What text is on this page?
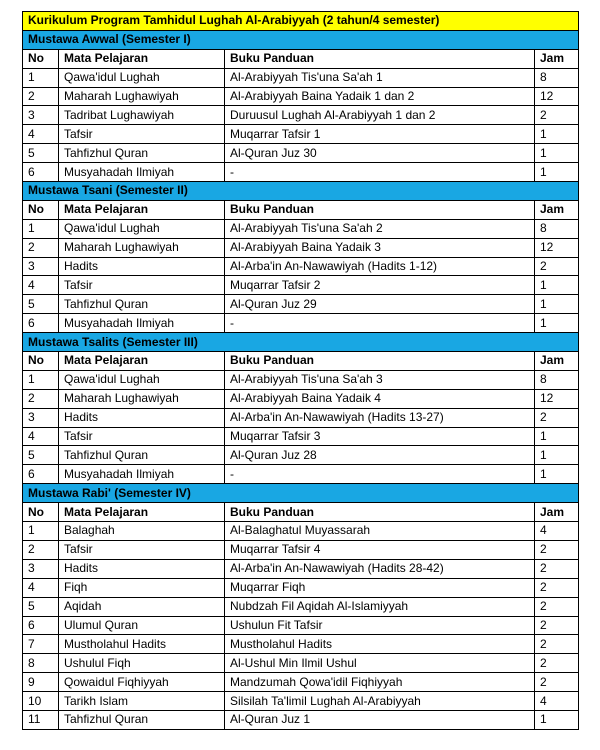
Kurikulum Program Tamhidul Lughah Al-Arabiyyah (2 tahun/4 semester)			
Mustawa Awwal (Semester I)			
No	Mata Pelajaran	Buku Panduan	Jam
1	Qawa'idul Lughah	Al-Arabiyyah Tis'una Sa'ah 1	8
2	Maharah Lughawiyah	Al-Arabiyyah Baina Yadaik 1 dan 2	12
3	Tadribat Lughawiyah	Duruusul Lughah Al-Arabiyyah 1 dan 2	2
4	Tafsir	Muqarrar Tafsir 1	1
5	Tahfizhul Quran	Al-Quran Juz 30	1
6	Musyahadah Ilmiyah	-	1
Mustawa Tsani (Semester II)			
No	Mata Pelajaran	Buku Panduan	Jam
1	Qawa'idul Lughah	Al-Arabiyyah Tis'una Sa'ah 2	8
2	Maharah Lughawiyah	Al-Arabiyyah Baina Yadaik 3	12
3	Hadits	Al-Arba'in An-Nawawiyah (Hadits 1-12)	2
4	Tafsir	Muqarrar Tafsir 2	1
5	Tahfizhul Quran	Al-Quran Juz 29	1
6	Musyahadah Ilmiyah	-	1
Mustawa Tsalits (Semester III)			
No	Mata Pelajaran	Buku Panduan	Jam
1	Qawa'idul Lughah	Al-Arabiyyah Tis'una Sa'ah 3	8
2	Maharah Lughawiyah	Al-Arabiyyah Baina Yadaik 4	12
3	Hadits	Al-Arba'in An-Nawawiyah (Hadits 13-27)	2
4	Tafsir	Muqarrar Tafsir 3	1
5	Tahfizhul Quran	Al-Quran Juz 28	1
6	Musyahadah Ilmiyah	-	1
Mustawa Rabi' (Semester IV)			
No	Mata Pelajaran	Buku Panduan	Jam
1	Balaghah	Al-Balaghatul Muyassarah	4
2	Tafsir	Muqarrar Tafsir 4	2
3	Hadits	Al-Arba'in An-Nawawiyah (Hadits 28-42)	2
4	Fiqh	Muqarrar Fiqh	2
5	Aqidah	Nubdzah Fil Aqidah Al-Islamiyyah	2
6	Ulumul Quran	Ushulun Fit Tafsir	2
7	Mustholahul Hadits	Mustholahul Hadits	2
8	Ushulul Fiqh	Al-Ushul Min Ilmil Ushul	2
9	Qowaidul Fiqhiyyah	Mandzumah Qowa'idil Fiqhiyyah	2
10	Tarikh Islam	Silsilah Ta'limil Lughah Al-Arabiyyah	4
11	Tahfizhul Quran	Al-Quran Juz 1	1
